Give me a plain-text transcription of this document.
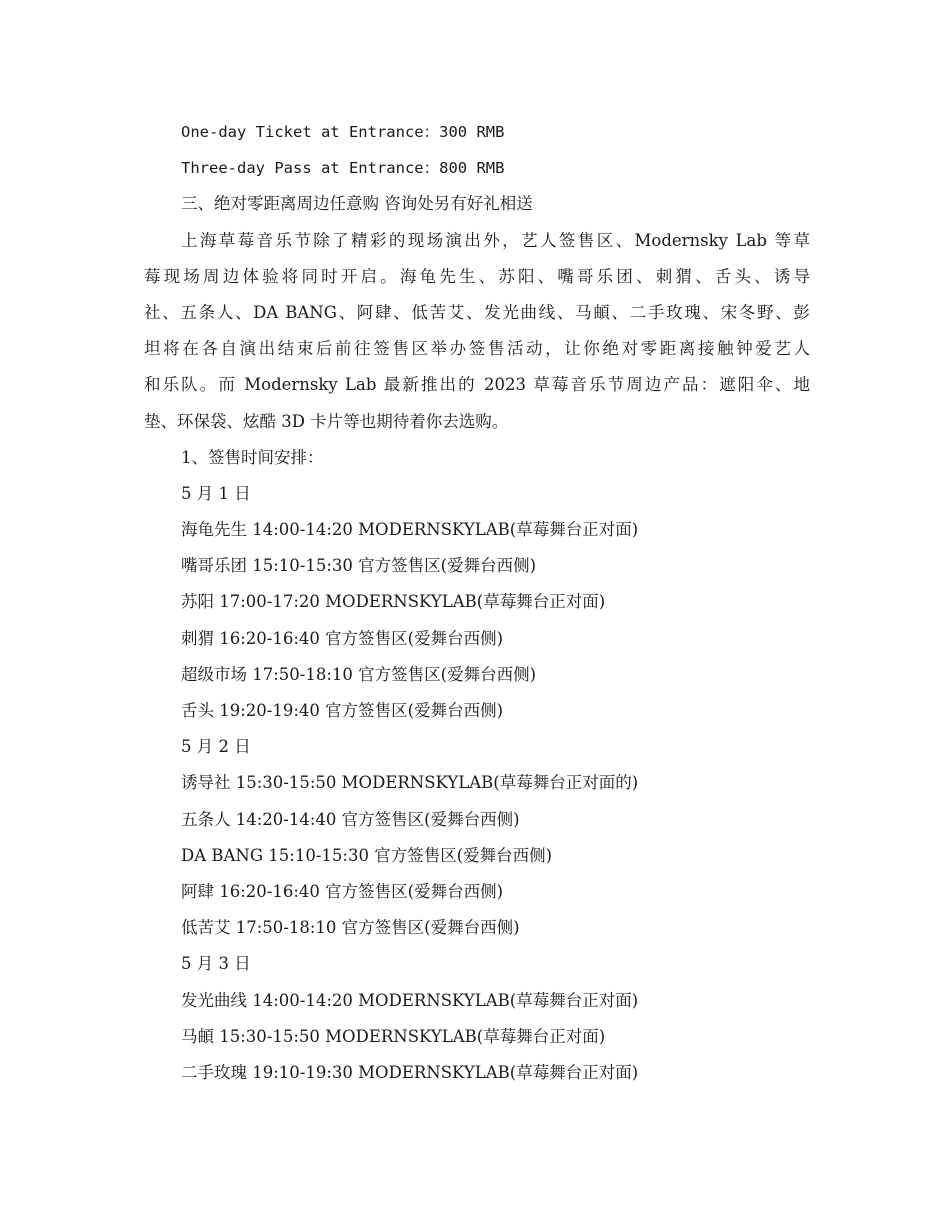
One-day Ticket at Entrance：300 RMB
Three-day Pass at Entrance：800 RMB
三、绝对零距离周边任意购 咨询处另有好礼相送
上海草莓音乐节除了精彩的现场演出外，艺人签售区、Modernsky Lab 等草
莓现场周边体验将同时开启。海龟先生、苏阳、嘴哥乐团、刺猬、舌头、诱导
社、五条人、DA BANG、阿肆、低苦艾、发光曲线、马頔、二手玫瑰、宋冬野、彭
坦将在各自演出结束后前往签售区举办签售活动，让你绝对零距离接触钟爱艺人
和乐队。而 Modernsky Lab 最新推出的 2023 草莓音乐节周边产品：遮阳伞、地
垫、环保袋、炫酷 3D 卡片等也期待着你去选购。
1、签售时间安排：
5 月 1 日
海龟先生 14:00-14:20 MODERNSKYLAB(草莓舞台正对面)
嘴哥乐团 15:10-15:30 官方签售区(爱舞台西侧)
苏阳 17:00-17:20 MODERNSKYLAB(草莓舞台正对面)
刺猬 16:20-16:40 官方签售区(爱舞台西侧)
超级市场 17:50-18:10 官方签售区(爱舞台西侧)
舌头 19:20-19:40 官方签售区(爱舞台西侧)
5 月 2 日
诱导社 15:30-15:50 MODERNSKYLAB(草莓舞台正对面的)
五条人 14:20-14:40 官方签售区(爱舞台西侧)
DA BANG 15:10-15:30 官方签售区(爱舞台西侧)
阿肆 16:20-16:40 官方签售区(爱舞台西侧)
低苦艾 17:50-18:10 官方签售区(爱舞台西侧)
5 月 3 日
发光曲线 14:00-14:20 MODERNSKYLAB(草莓舞台正对面)
马頔 15:30-15:50 MODERNSKYLAB(草莓舞台正对面)
二手玫瑰 19:10-19:30 MODERNSKYLAB(草莓舞台正对面)
